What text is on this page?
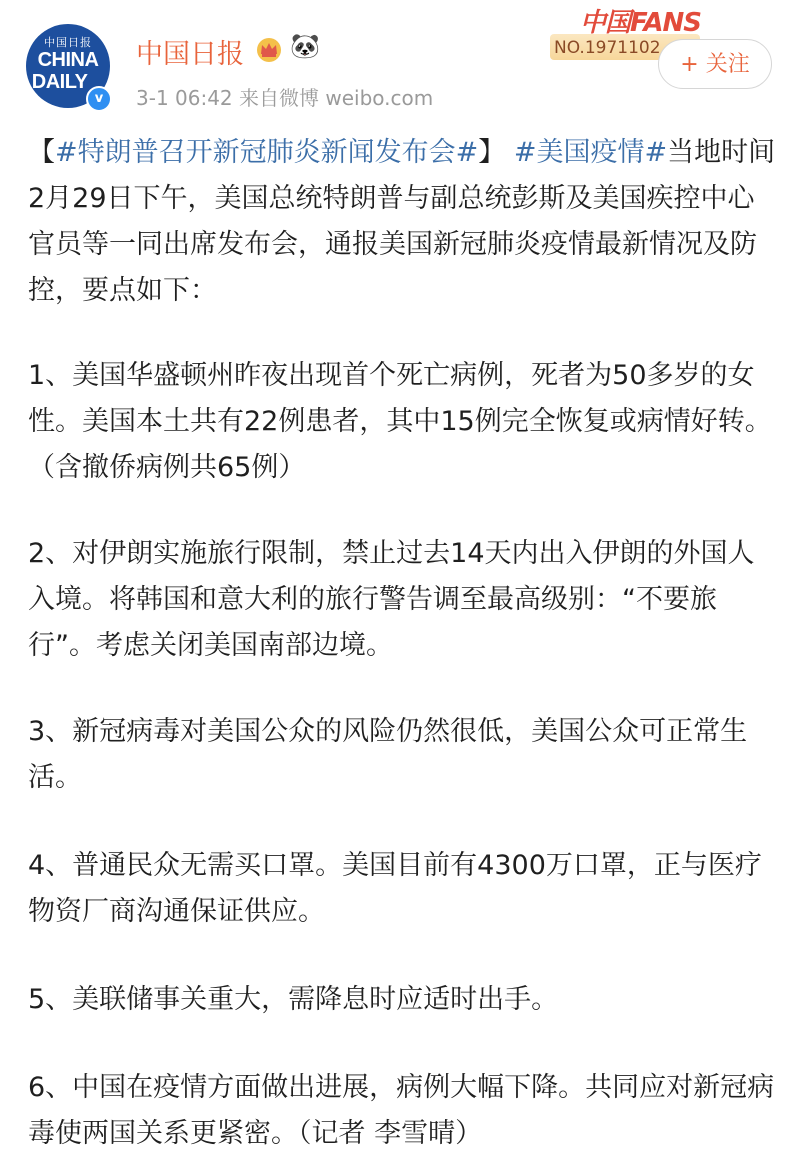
中国日报
CHINA
DAILY
v
中国日报 🐼
3-1 06:42 来自微博 weibo.com
中国FANS
NO.1971102
+ 关注
【#特朗普召开新冠肺炎新闻发布会#】 #美国疫情#当地时间2月29日下午，美国总统特朗普与副总统彭斯及美国疾控中心官员等一同出席发布会，通报美国新冠肺炎疫情最新情况及防控，要点如下：
1、美国华盛顿州昨夜出现首个死亡病例，死者为50多岁的女性。美国本土共有22例患者，其中15例完全恢复或病情好转。（含撤侨病例共65例）
2、对伊朗实施旅行限制，禁止过去14天内出入伊朗的外国人入境。将韩国和意大利的旅行警告调至最高级别：“不要旅行”。考虑关闭美国南部边境。
3、新冠病毒对美国公众的风险仍然很低，美国公众可正常生活。
4、普通民众无需买口罩。美国目前有4300万口罩，正与医疗物资厂商沟通保证供应。
5、美联储事关重大，需降息时应适时出手。
6、中国在疫情方面做出进展，病例大幅下降。共同应对新冠病毒使两国关系更紧密。（记者 李雪晴）
